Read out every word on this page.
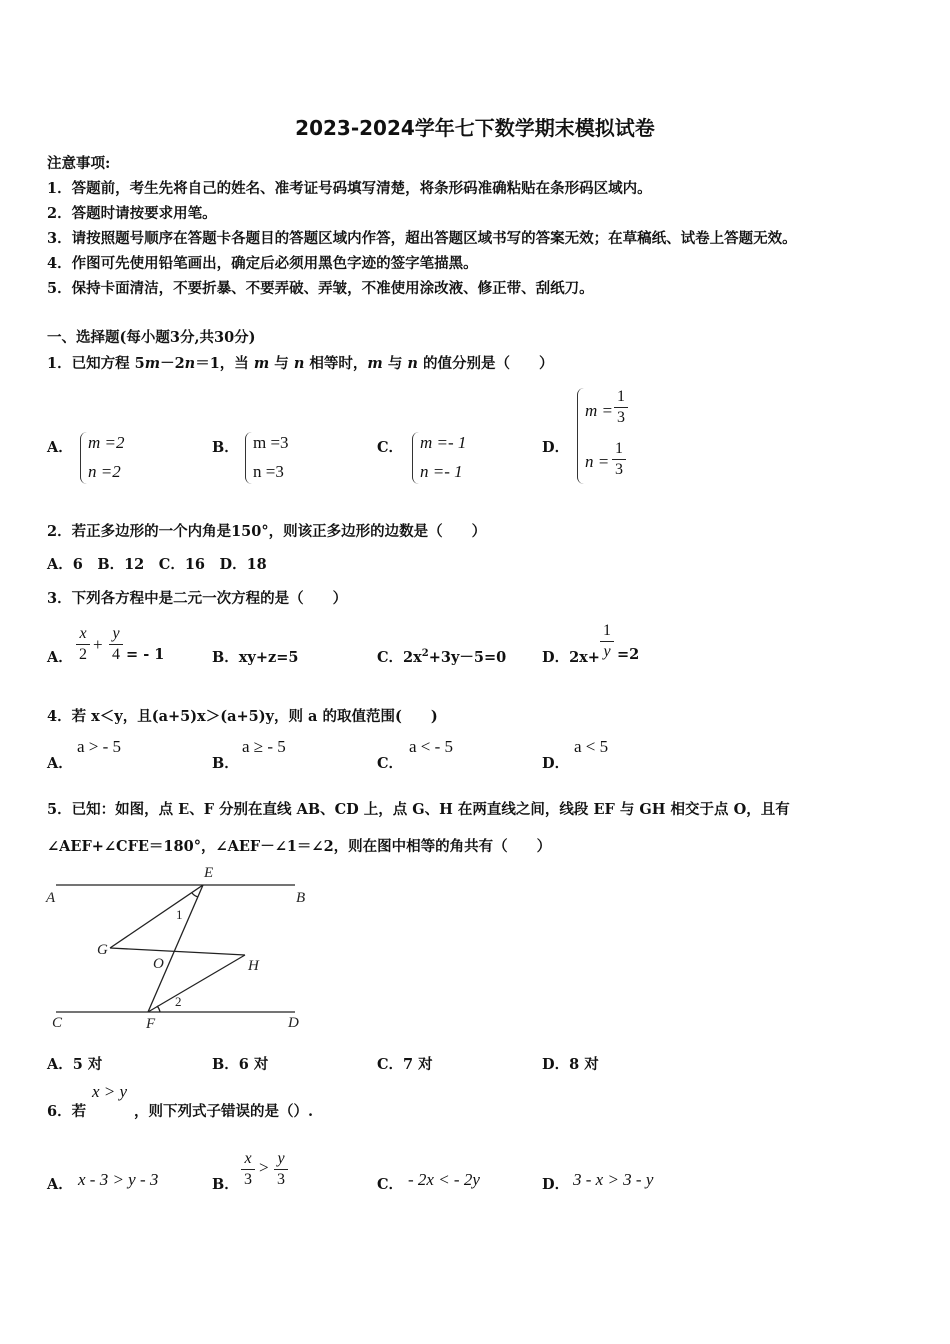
2023-2024学年七下数学期末模拟试卷
注意事项:
1．答题前，考生先将自己的姓名、准考证号码填写清楚，将条形码准确粘贴在条形码区域内。
2．答题时请按要求用笔。
3．请按照题号顺序在答题卡各题目的答题区域内作答，超出答题区域书写的答案无效；在草稿纸、试卷上答题无效。
4．作图可先使用铅笔画出，确定后必须用黑色字迹的签字笔描黑。
5．保持卡面清洁，不要折暴、不要弄破、弄皱，不准使用涂改液、修正带、刮纸刀。
一、选择题(每小题3分,共30分)
1．已知方程 5m－2n＝1，当 m 与 n 相等时，m 与 n 的值分别是（　　）
A． m =2
n =2
B． m =3
n =3
C． m =- 1
n =- 1
D．
m =
1
3
n =
1
3
2．若正多边形的一个内角是150°，则该正多边形的边数是（　　）
A．6　B．12　C．16　D．18
3．下列各方程中是二元一次方程的是（　　）
A．
x
2
+
y
4 = - 1	B．xy+z=5	C．$2x^2+3y-5=0$ D．2x+
1
y =2
4．若 x＜y，且(a+5)x＞(a+5)y，则 a 的取值范围(　　)
A．
a > - 5
B．
a ≥ - 5
C．
a < - 5
D．
a < 5
5．已知：如图，点 E、F 分别在直线 AB、CD 上，点 G、H 在两直线之间，线段 EF 与 GH 相交于点 O，且有
∠AEF+∠CFE＝180°，∠AEF－∠1＝∠2，则在图中相等的角共有（　　）
A	B
C	D
E
F
G
H
O
1
2
A．5 对	B．6 对	C．7 对	D．8 对
6．若
x > y
，则下列式子错误的是（）.
A． x - 3 > y - 3	B．
x
3
> y
3	C． - 2x < - 2y	D． 3 - x > 3 - y
